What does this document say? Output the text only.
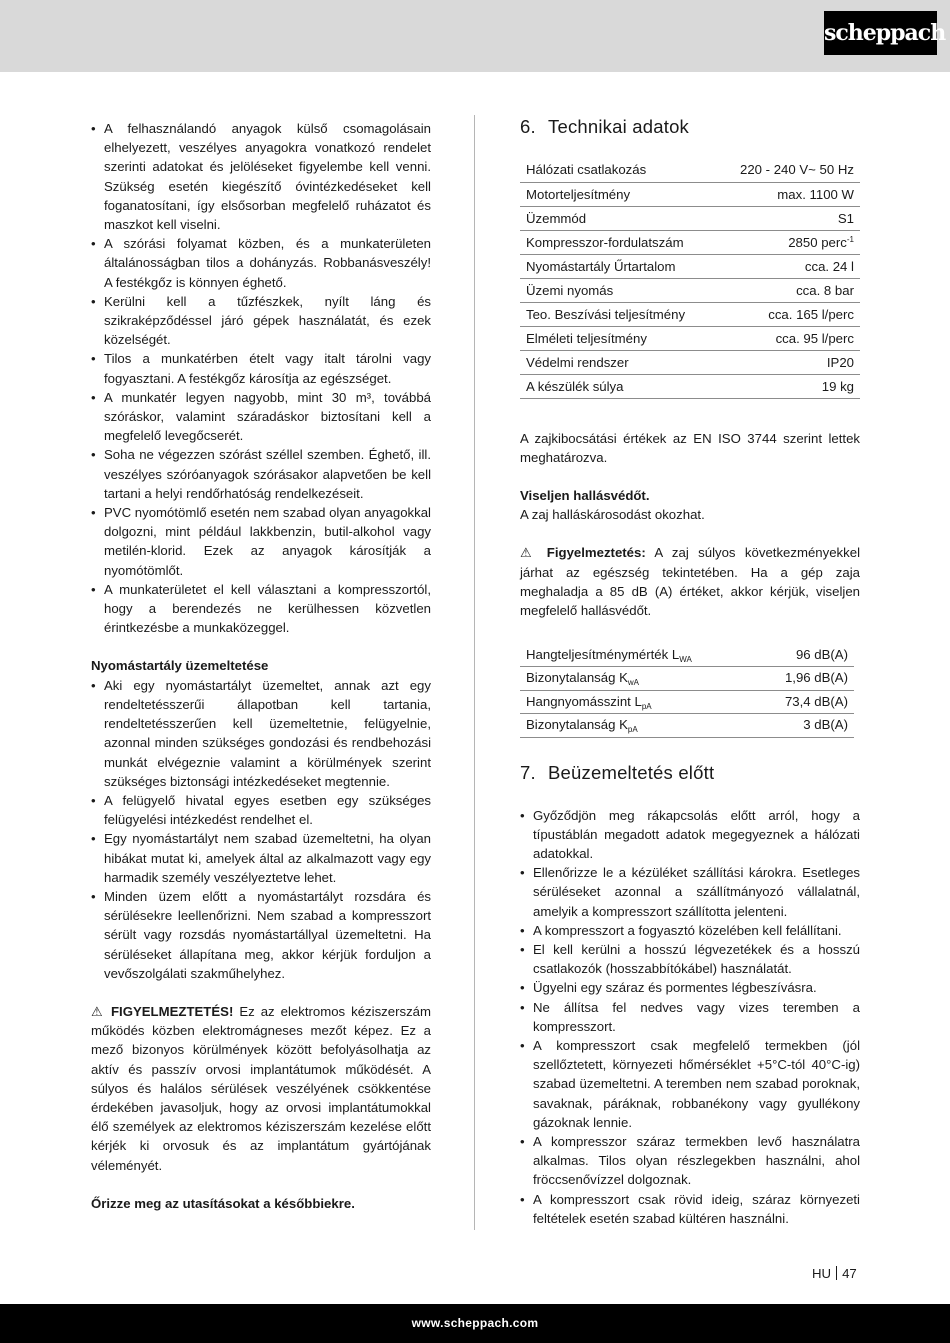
scheppach
• A felhasználandó anyagok külső csomagolásain elhelyezett, veszélyes anyagokra vonatkozó rendelet szerinti adatokat és jelöléseket figyelembe kell venni. Szükség esetén kiegészítő óvintézkedéseket kell foganatosítani, így elsősorban megfelelő ruházatot és maszkot kell viselni.
• A szórási folyamat közben, és a munkaterületen általánosságban tilos a dohányzás. Robbanásveszély! A festékgőz is könnyen éghető.
• Kerülni kell a tűzfészkek, nyílt láng és szikraképződéssel járó gépek használatát, és ezek közelségét.
• Tilos a munkatérben ételt vagy italt tárolni vagy fogyasztani. A festékgőz károsítja az egészséget.
• A munkatér legyen nagyobb, mint 30 m³, továbbá szóráskor, valamint száradáskor biztosítani kell a megfelelő levegőcserét.
• Soha ne végezzen szórást széllel szemben. Éghető, ill. veszélyes szóróanyagok szórásakor alapvetően be kell tartani a helyi rendőrhatóság rendelkezéseit.
• PVC nyomótömlő esetén nem szabad olyan anyagokkal dolgozni, mint például lakkbenzin, butil-alkohol vagy metilén-klorid. Ezek az anyagok károsítják a nyomótömlőt.
• A munkaterületet el kell választani a kompresszortól, hogy a berendezés ne kerülhessen közvetlen érintkezésbe a munkaközeggel.
Nyomástartály üzemeltetése
• Aki egy nyomástartályt üzemeltet, annak azt egy rendeltetésszerűi állapotban kell tartania, rendeltetésszerűen kell üzemeltetnie, felügyelnie, azonnal minden szükséges gondozási és rendbehozási munkát elvégeznie valamint a körülmények szerint szükséges biztonsági intézkedéseket megtennie.
• A felügyelő hivatal egyes esetben egy szükséges felügyelési intézkedést rendelhet el.
• Egy nyomástartályt nem szabad üzemeltetni, ha olyan hibákat mutat ki, amelyek által az alkalmazott vagy egy harmadik személy veszélyeztetve lehet.
• Minden üzem előtt a nyomástartályt rozsdára és sérülésekre leellenőrizni. Nem szabad a kompresszort sérült vagy rozsdás nyomástartállyal üzemeltetni. Ha sérüléseket állapítana meg, akkor kérjük forduljon a vevőszolgálati szakműhelyhez.

⚠ FIGYELMEZTETÉS! Ez az elektromos kéziszerszám működés közben elektromágneses mezőt képez. Ez a mező bizonyos körülmények között befolyásolhatja az aktív és passzív orvosi implantátumok működését. A súlyos és halálos sérülések veszélyének csökkentése érdekében javasoljuk, hogy az orvosi implantátumokkal élő személyek az elektromos kéziszerszám kezelése előtt kérjék ki orvosuk és az implantátum gyártójának véleményét.

Őrizze meg az utasításokat a későbbiekre.

6. Technikai adatok
Hálózati csatlakozás	220 - 240 V~ 50 Hz
Motorteljesítmény	max. 1100 W
Üzemmód	S1
Kompresszor-fordulatszám	2850 perc$^{-1}$
Nyomástartály Űrtartalom	cca. 24 l
Üzemi nyomás	cca. 8 bar
Teo. Beszívási teljesítmény	cca. 165 l/perc
Elméleti teljesítmény	cca. 95 l/perc
Védelmi rendszer	IP20
A készülék súlya	19 kg

A zajkibocsátási értékek az EN ISO 3744 szerint lettek meghatározva.

Viseljen hallásvédőt.

A zaj halláskárosodást okozhat.

⚠ Figyelmeztetés: A zaj súlyos következményekkel járhat az egészség tekintetében. Ha a gép zaja meghaladja a 85 dB (A) értéket, akkor kérjük, viseljen megfelelő hallásvédőt.

Hangteljesítménymérték $L_{WA}$	96 dB(A)
Bizonytalanság $K_{wA}$	1,96 dB(A)
Hangnyomásszint $L_{pA}$	73,4 dB(A)
Bizonytalanság $K_{pA}$	3 dB(A)
7. Beüzemeltetés előtt
• Győződjön meg rákapcsolás előtt arról, hogy a típustáblán megadott adatok megegyeznek a hálózati adatokkal.
• Ellenőrizze le a kézüléket szállítási károkra. Esetleges sérüléseket azonnal a szállítmányozó vállalatnál, amelyik a kompresszort szállította jelenteni.
• A kompresszort a fogyasztó közelében kell felállítani.
• El kell kerülni a hosszú légvezetékek és a hosszú csatlakozók (hosszabbítókábel) használatát.
• Ügyelni egy száraz és pormentes légbeszívásra.
• Ne állítsa fel nedves vagy vizes teremben a kompresszort.
• A kompresszort csak megfelelő termekben (jól szellőztetett, környezeti hőmérséklet +5°C-tól 40°C-ig) szabad üzemeltetni. A teremben nem szabad poroknak, savaknak, páráknak, robbanékony vagy gyullékony gázoknak lennie.
• A kompresszor száraz termekben levő használatra alkalmas. Tilos olyan részlegekben használni, ahol fröccsenővízzel dolgoznak.
• A kompresszort csak rövid ideig, száraz környezeti feltételek esetén szabad kültéren használni.
HU 47
www.scheppach.com
